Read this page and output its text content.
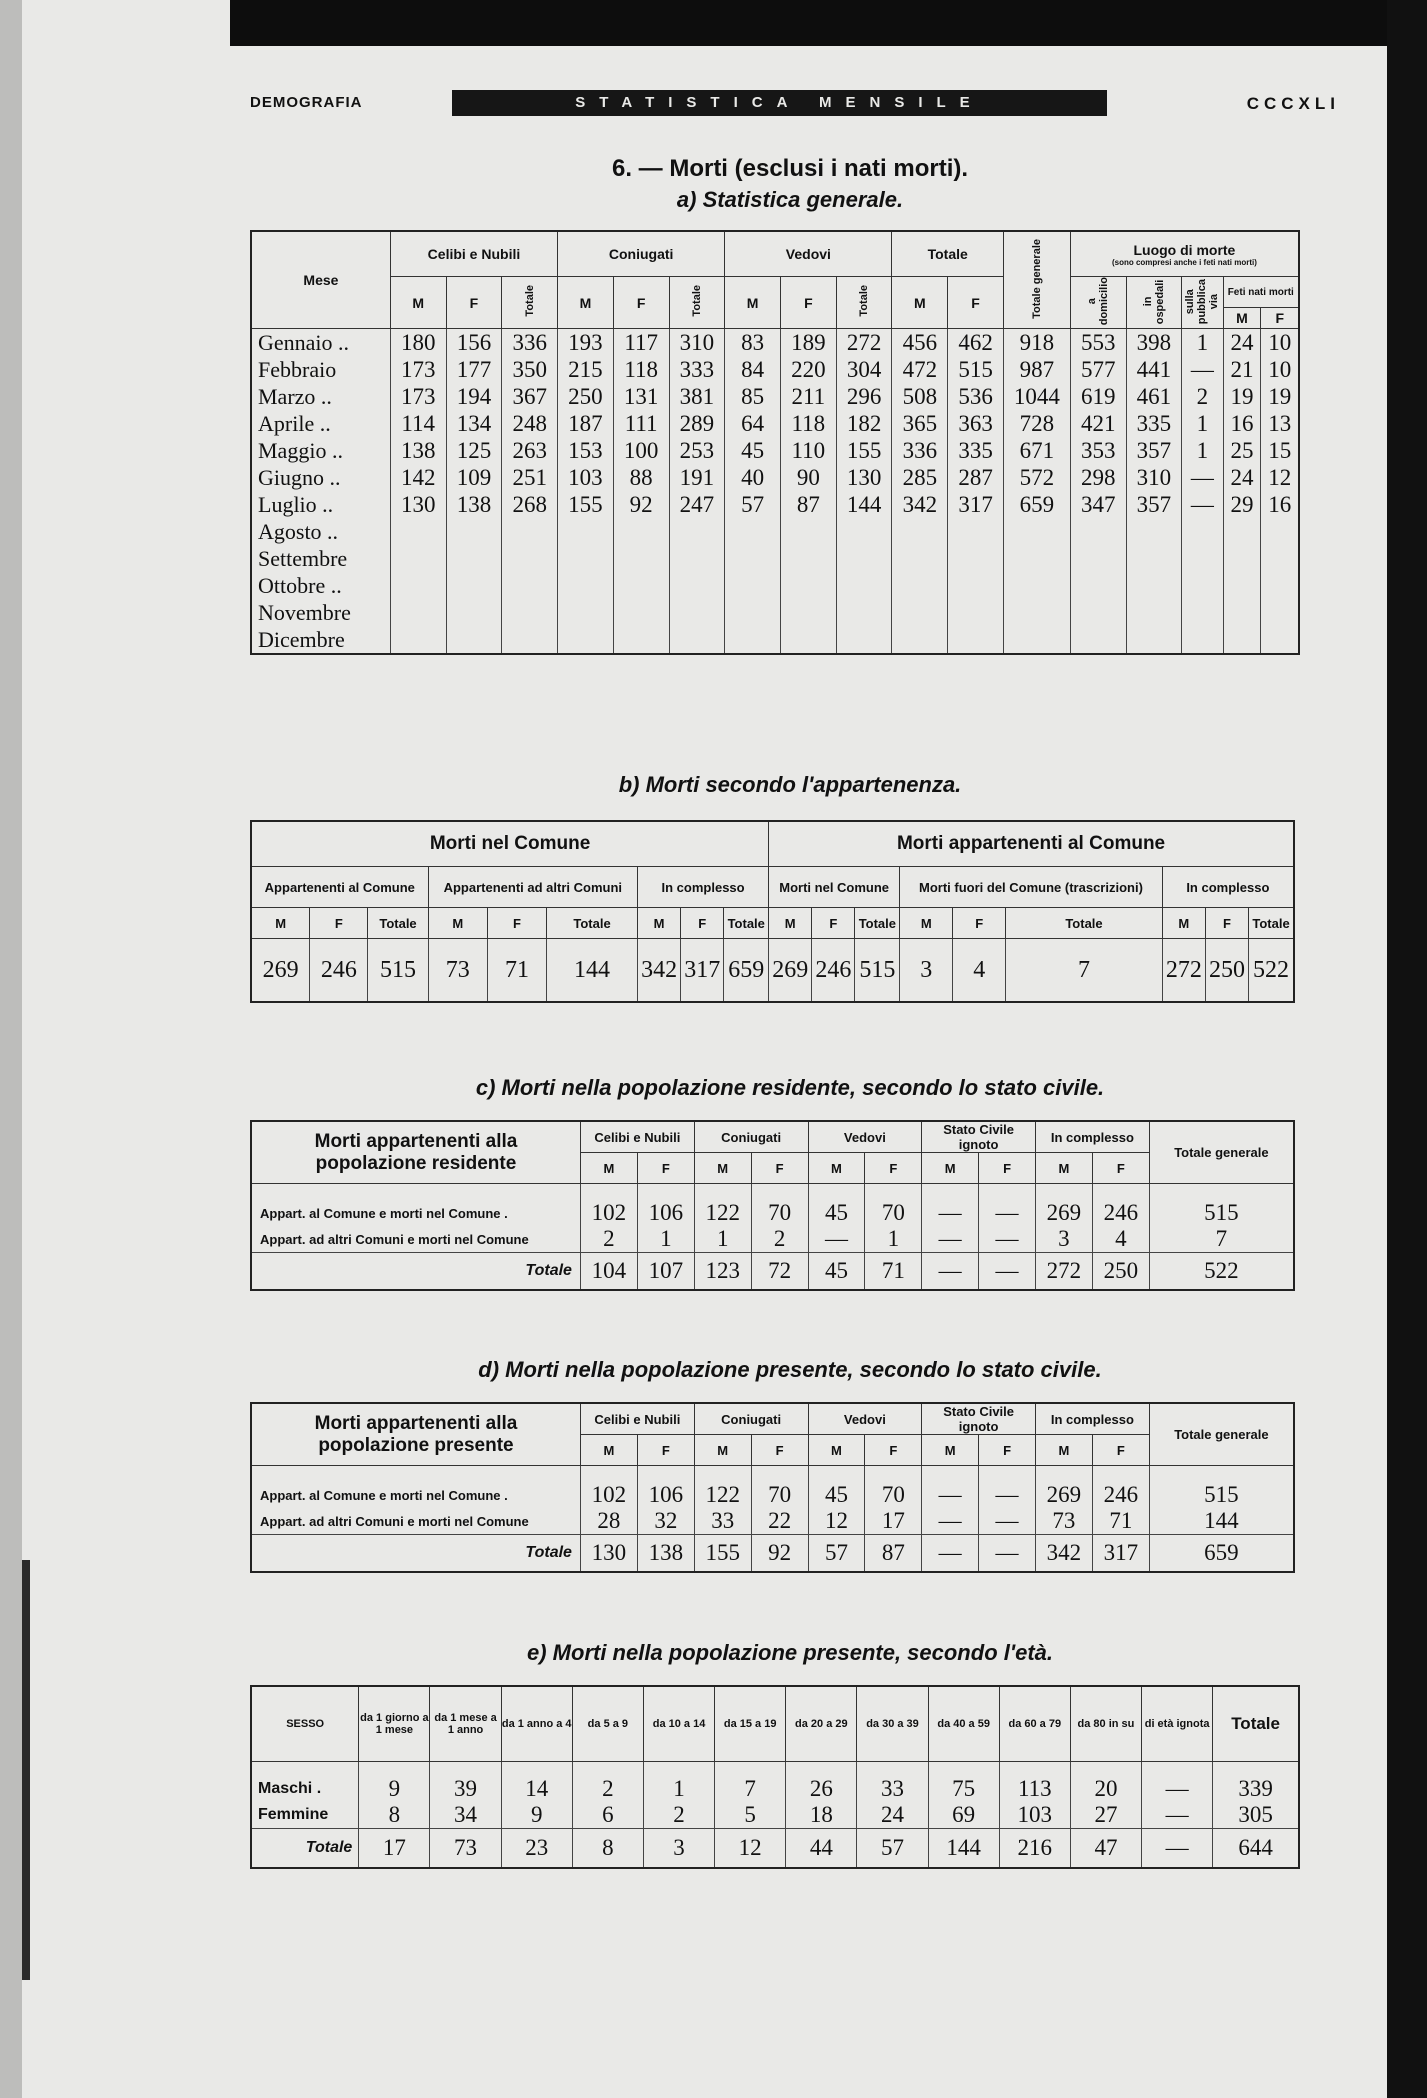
DEMOGRAFIA	STATISTICA MENSILE	CCCXLI
6. — Morti (esclusi i nati morti).
a) Statistica generale.
Mese	Celibi e Nubili			Coniugati			Vedovi			Totale		Totale generale	Luogo di morte
(sono compresi anche i feti nati morti)				

	M	F	Totale	M	F	Totale	M	F	Totale	M	F		a domicilio	in ospedali	sulla pubblica via	Feti nati morti	
																M	F
Gennaio ..	180	156	336	193	117	310	83	189	272	456	462	918	553	398	1	24	10
Febbraio	173	177	350	215	118	333	84	220	304	472	515	987	577	441	—	21	10
Marzo ..	173	194	367	250	131	381	85	211	296	508	536	1044	619	461	2	19	19
Aprile ..	114	134	248	187	111	289	64	118	182	365	363	728	421	335	1	16	13
Maggio ..	138	125	263	153	100	253	45	110	155	336	335	671	353	357	1	25	15
Giugno ..	142	109	251	103	88	191	40	90	130	285	287	572	298	310	—	24	12
Luglio ..	130	138	268	155	92	247	57	87	144	342	317	659	347	357	—	29	16
Agosto ..																	
Settembre																	
Ottobre ..																	
Novembre																	
Dicembre																	
b) Morti secondo l'appartenenza.
Morti nel Comune									Morti appartenenti al Comune								
Appartenenti al Comune			Appartenenti ad altri Comuni			In complesso			Morti nel Comune			Morti fuori del Comune (trascrizioni)			In complesso		
M	F	Totale	M	F	Totale	M	F	Totale	M	F	Totale	M	F	Totale	M	F	Totale
269	246	515	73	71	144	342	317	659	269	246	515	3	4	7	272	250	522
c) Morti nella popolazione residente, secondo lo stato civile.
Morti appartenenti alla popolazione residente	Celibi e Nubili		Coniugati		Vedovi		Stato Civile ignoto		In complesso		Totale generale
	M	F	M	F	M	F	M	F	M	F	

Appart. al Comune e morti nel Comune .	102	106	122	70	45	70	—	—	269	246	515
Appart. ad altri Comuni e morti nel Comune	2	1	1	2	—	1	—	—	3	4	7
Totale	104	107	123	72	45	71	—	—	272	250	522
d) Morti nella popolazione presente, secondo lo stato civile.
Morti appartenenti alla popolazione presente	Celibi e Nubili		Coniugati		Vedovi		Stato Civile ignoto		In complesso		Totale generale
	M	F	M	F	M	F	M	F	M	F	

Appart. al Comune e morti nel Comune .	102	106	122	70	45	70	—	—	269	246	515
Appart. ad altri Comuni e morti nel Comune	28	32	33	22	12	17	—	—	73	71	144
Totale	130	138	155	92	57	87	—	—	342	317	659
e) Morti nella popolazione presente, secondo l'età.
SESSO	da 1 giorno a 1 mese	da 1 mese a 1 anno	da 1 anno a 4	da 5 a 9	da 10 a 14	da 15 a 19	da 20 a 29	da 30 a 39	da 40 a 59	da 60 a 79	da 80 in su	di età ignota	Totale

Maschi .	9	39	14	2	1	7	26	33	75	113	20	—	339
Femmine	8	34	9	6	2	5	18	24	69	103	27	—	305
Totale	17	73	23	8	3	12	44	57	144	216	47	—	644
